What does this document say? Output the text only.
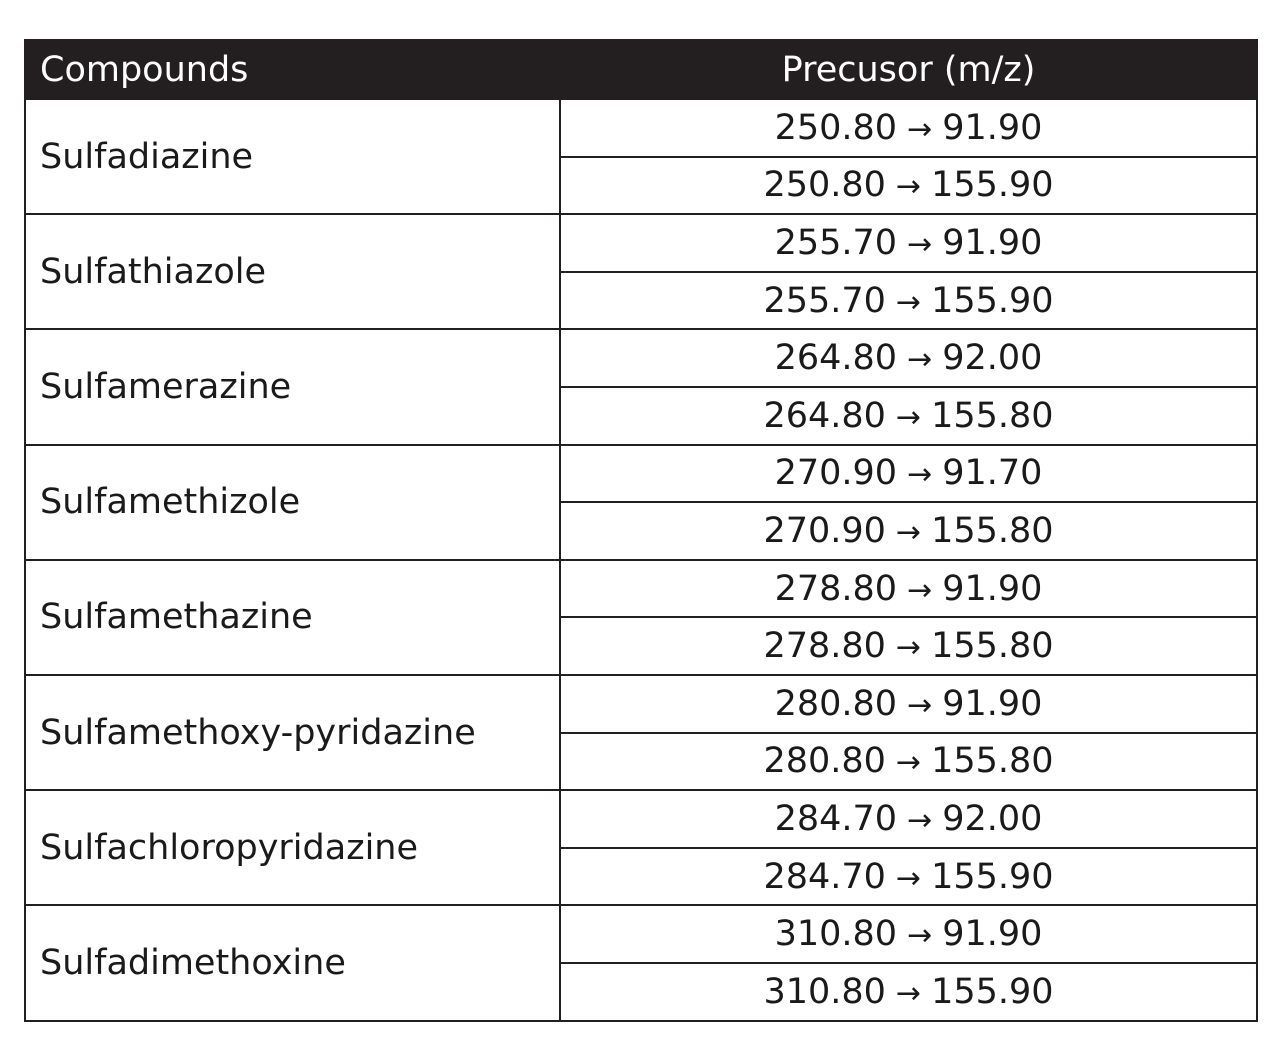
Compounds	Precusor (m/z)
Sulfadiazine	250.80 → 91.90
	250.80 → 155.90
Sulfathiazole	255.70 → 91.90
	255.70 → 155.90
Sulfamerazine	264.80 → 92.00
	264.80 → 155.80
Sulfamethizole	270.90 → 91.70
	270.90 → 155.80
Sulfamethazine	278.80 → 91.90
	278.80 → 155.80
Sulfamethoxy-pyridazine	280.80 → 91.90
	280.80 → 155.80
Sulfachloropyridazine	284.70 → 92.00
	284.70 → 155.90
Sulfadimethoxine	310.80 → 91.90
	310.80 → 155.90
